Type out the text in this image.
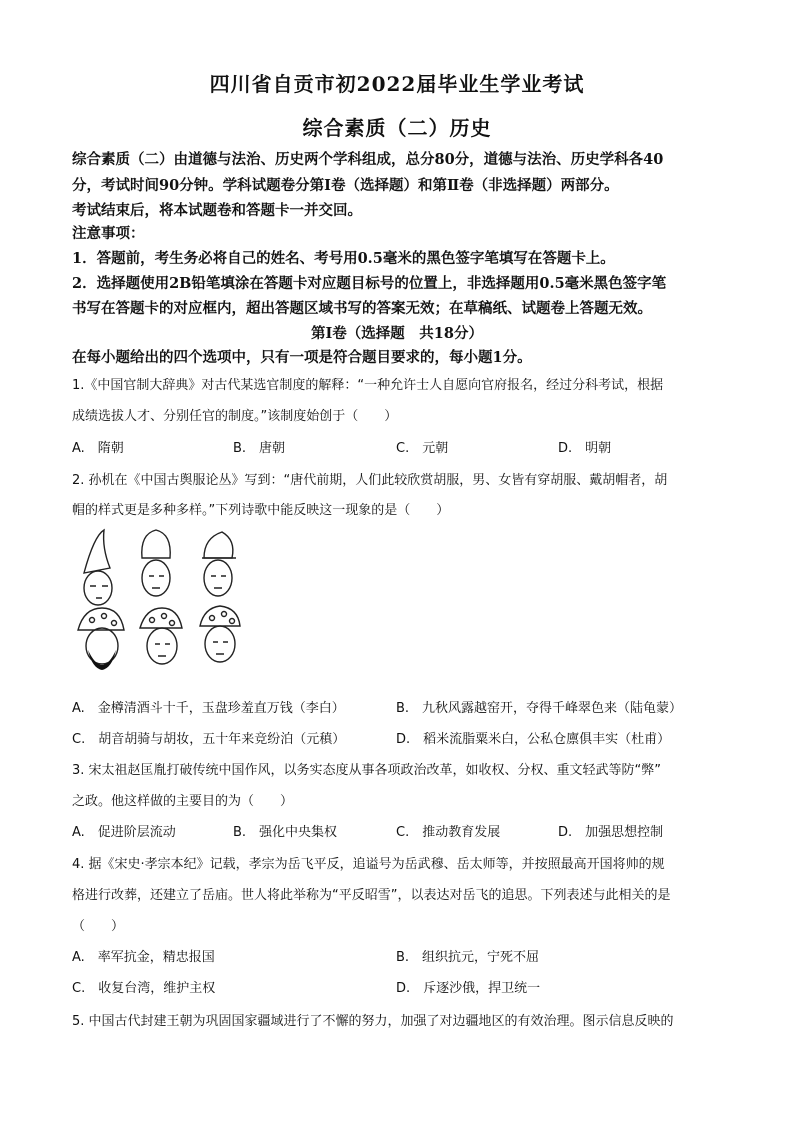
四川省自贡市初2022届毕业生学业考试
综合素质（二）历史
综合素质（二）由道德与法治、历史两个学科组成，总分80分，道德与法治、历史学科各40
分，考试时间90分钟。学科试题卷分第Ⅰ卷（选择题）和第Ⅱ卷（非选择题）两部分。
考试结束后，将本试题卷和答题卡一并交回。
注意事项：
1．答题前，考生务必将自己的姓名、考号用0.5毫米的黑色签字笔填写在答题卡上。
2．选择题使用2B铅笔填涂在答题卡对应题目标号的位置上，非选择题用0.5毫米黑色签字笔
书写在答题卡的对应框内，超出答题区域书写的答案无效；在草稿纸、试题卷上答题无效。
第Ⅰ卷（选择题　共18分）
在每小题给出的四个选项中，只有一项是符合题目要求的，每小题1分。
1.《中国官制大辞典》对古代某选官制度的解释：“一种允许士人自愿向官府报名，经过分科考试，根据
成绩选拔人才、分别任官的制度。”该制度始创于（　　）
A.　隋朝	B.　唐朝	C.　元朝	D.　明朝
2. 孙机在《中国古舆服论丛》写到：“唐代前期，人们此较欣赏胡服，男、女皆有穿胡服、戴胡帽者，胡
帽的样式更是多种多样。”下列诗歌中能反映这一现象的是（　　）
A.　金樽清酒斗十千，玉盘珍羞直万钱（李白）	B.　九秋风露越窑开，夺得千峰翠色来（陆龟蒙）
C.　胡音胡骑与胡妆，五十年来竞纷泊（元稹）	D.　稻米流脂粟米白，公私仓廪俱丰实（杜甫）
3. 宋太祖赵匡胤打破传统中国作风，以务实态度从事各项政治改革，如收权、分权、重文轻武等防“弊”
之政。他这样做的主要目的为（　　）
A.　促进阶层流动	B.　强化中央集权	C.　推动教育发展	D.　加强思想控制
4. 据《宋史·孝宗本纪》记载，孝宗为岳飞平反，追谥号为岳武穆、岳太师等，并按照最高开国将帅的规
格进行改葬，还建立了岳庙。世人将此举称为“平反昭雪”，以表达对岳飞的追思。下列表述与此相关的是
（　　）
A.　率军抗金，精忠报国	B.　组织抗元，宁死不屈
C.　收复台湾，维护主权	D.　斥逐沙俄，捍卫统一
5. 中国古代封建王朝为巩固国家疆域进行了不懈的努力，加强了对边疆地区的有效治理。图示信息反映的
